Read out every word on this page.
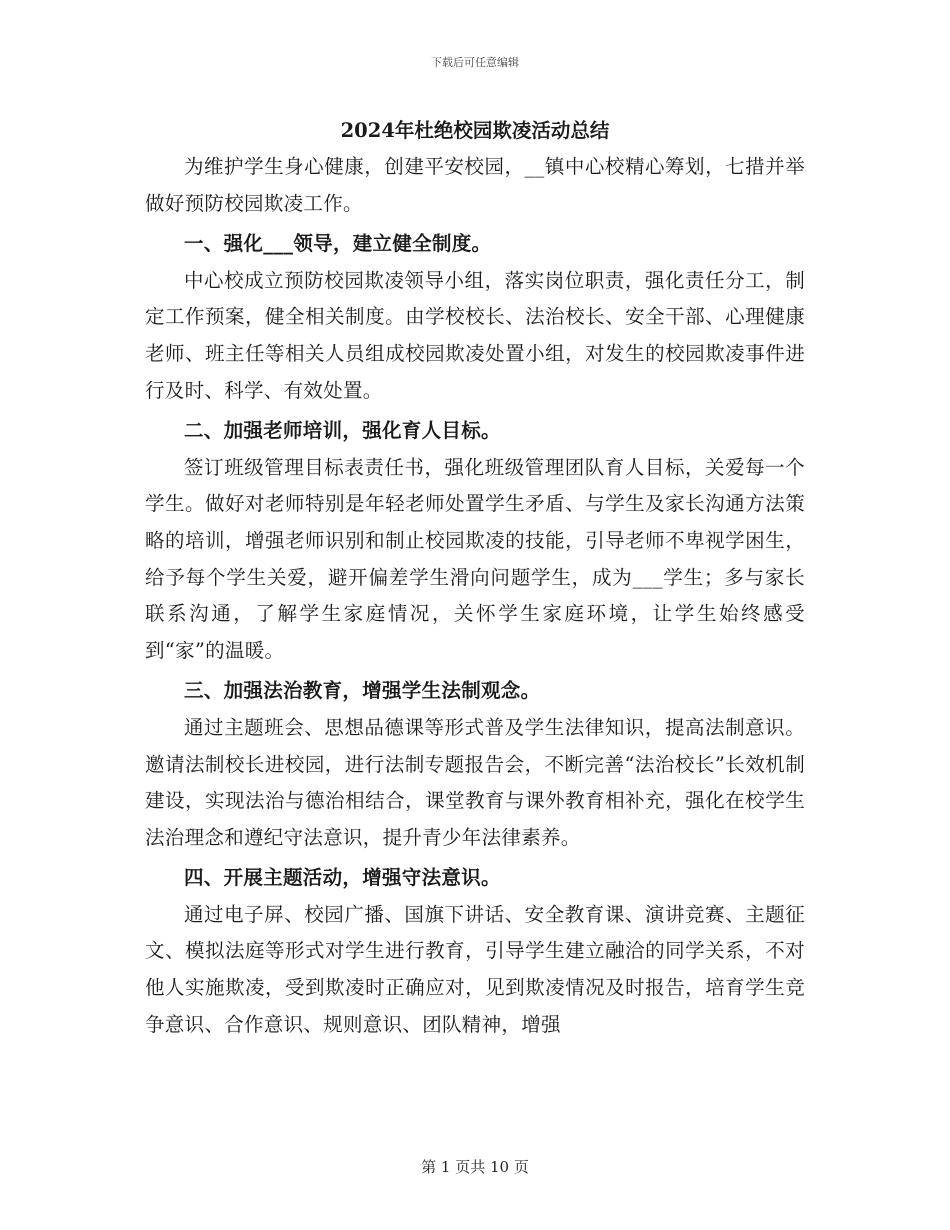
下载后可任意编辑
2024年杜绝校园欺凌活动总结

为维护学生身心健康，创建平安校园，__镇中心校精心筹划，七措并举做好预防校园欺凌工作。

一、强化___领导，建立健全制度。

中心校成立预防校园欺凌领导小组，落实岗位职责，强化责任分工，制定工作预案，健全相关制度。由学校校长、法治校长、安全干部、心理健康老师、班主任等相关人员组成校园欺凌处置小组，对发生的校园欺凌事件进行及时、科学、有效处置。

二、加强老师培训，强化育人目标。

签订班级管理目标表责任书，强化班级管理团队育人目标，关爱每一个学生。做好对老师特别是年轻老师处置学生矛盾、与学生及家长沟通方法策略的培训，增强老师识别和制止校园欺凌的技能，引导老师不卑视学困生，给予每个学生关爱，避开偏差学生滑向问题学生，成为___学生；多与家长联系沟通，了解学生家庭情况，关怀学生家庭环境，让学生始终感受到“家”的温暖。

三、加强法治教育，增强学生法制观念。

通过主题班会、思想品德课等形式普及学生法律知识，提高法制意识。邀请法制校长进校园，进行法制专题报告会，不断完善“法治校长”长效机制建设，实现法治与德治相结合，课堂教育与课外教育相补充，强化在校学生法治理念和遵纪守法意识，提升青少年法律素养。

四、开展主题活动，增强守法意识。

通过电子屏、校园广播、国旗下讲话、安全教育课、演讲竞赛、主题征文、模拟法庭等形式对学生进行教育，引导学生建立融洽的同学关系，不对他人实施欺凌，受到欺凌时正确应对，见到欺凌情况及时报告，培育学生竞争意识、合作意识、规则意识、团队精神，增强

第 1 页共 10 页
